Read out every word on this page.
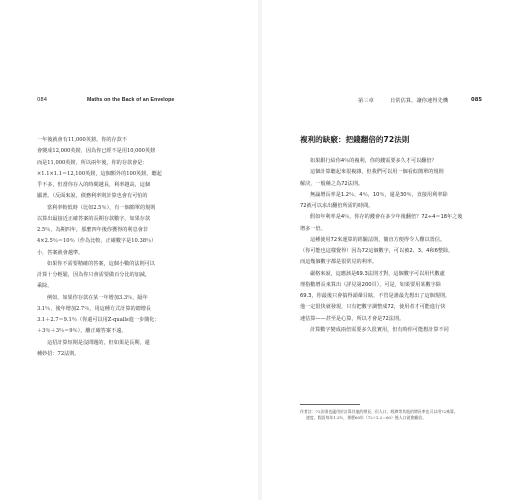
084	Maths on the Back of an Envelope
一年後就會有11,000英鎊。你的存款不
會變成12,000英鎊，因為你已經不是用10,000英鎊
而是11,000英鎊，所以兩年後，你的存款會是：
×1.1×1.1＝12,100英鎊，這個額外的100英鎊，聽起
乎不多，但當你存入的時間越長，利率越高，這個
顯著。（反面來說，債務利率則計算也會有可怕的
當利率較低時（比如2.5％），有一個簡單的規則
以算出最接近正確答案的長期存款數字。如果存款
2.5％，為期四年，那麼四年後你獲得的利息會非
4×2.5％＝10％（作為比較，正確數字是10.38％）
小，答案就會越準。
如果你不需要精確的答案，這個小數的法則可以
計算十分輕鬆，因為你只會需要做百分比的加減，
乘除。
例如，如果你存款在某一年增加3.3％，隔年
3.1％，後年增加2.7％，用這種方式計算的總增長
3.1＋2.7＝9.1％（你還可以用Z-qualls進一步簡化：
＋3％＋3％＝9％），離正確答案不遠。
這招計算短期是沒問題的，但如果是長期，還
種妙招：72法則。
第三章	日常估算，讓你速得先機	085
複利的缺竅：把錢翻倍的72法則
如果銀行給你4％的複利，你的錢需要多久才可以翻倍？
這個計算聽起來很複雜，但我們可以用一個看似簡單的規則
解決，一般稱之為72法則。
無論增長率是1.2％，4％，10％，還是30％，直接用利率除
72就可以求出翻倍所需的時間。
假如年利率是4％，你存的錢會在多少年後翻倍？72÷4＝18年之後
增多一倍。
這種使用72來運算的經驗法則，簡直方便得令人難以置信。
（你可能也這樣覺得）因為72這個數字，可以被2、3、4和6整除，
而這幾個數字都是很常見的利率。
嚴格來說，這應該是69.3法則才對，這個數字可以用代數處
理指數增長來算出（詳見第200頁），可是，如果要用某數字除
69.3，你最後只會搞得頭暈目眩，不管是誰最先想出了這個規則，
他一定很快就發現，只有把數字調整成72，使用者才可能進行快
速估算——甚至是心算，所以才會是72法則。
計算數字變成兩倍需要多久很實用，但有時你可能想計算不同
作者註：72法則也適用於計算其他的增長，但人口、經濟等其他的增長率也可以用72來算。
速度，假設每年1.2％，那麼60年（72÷1.2＝60）後人口就會翻倍。
